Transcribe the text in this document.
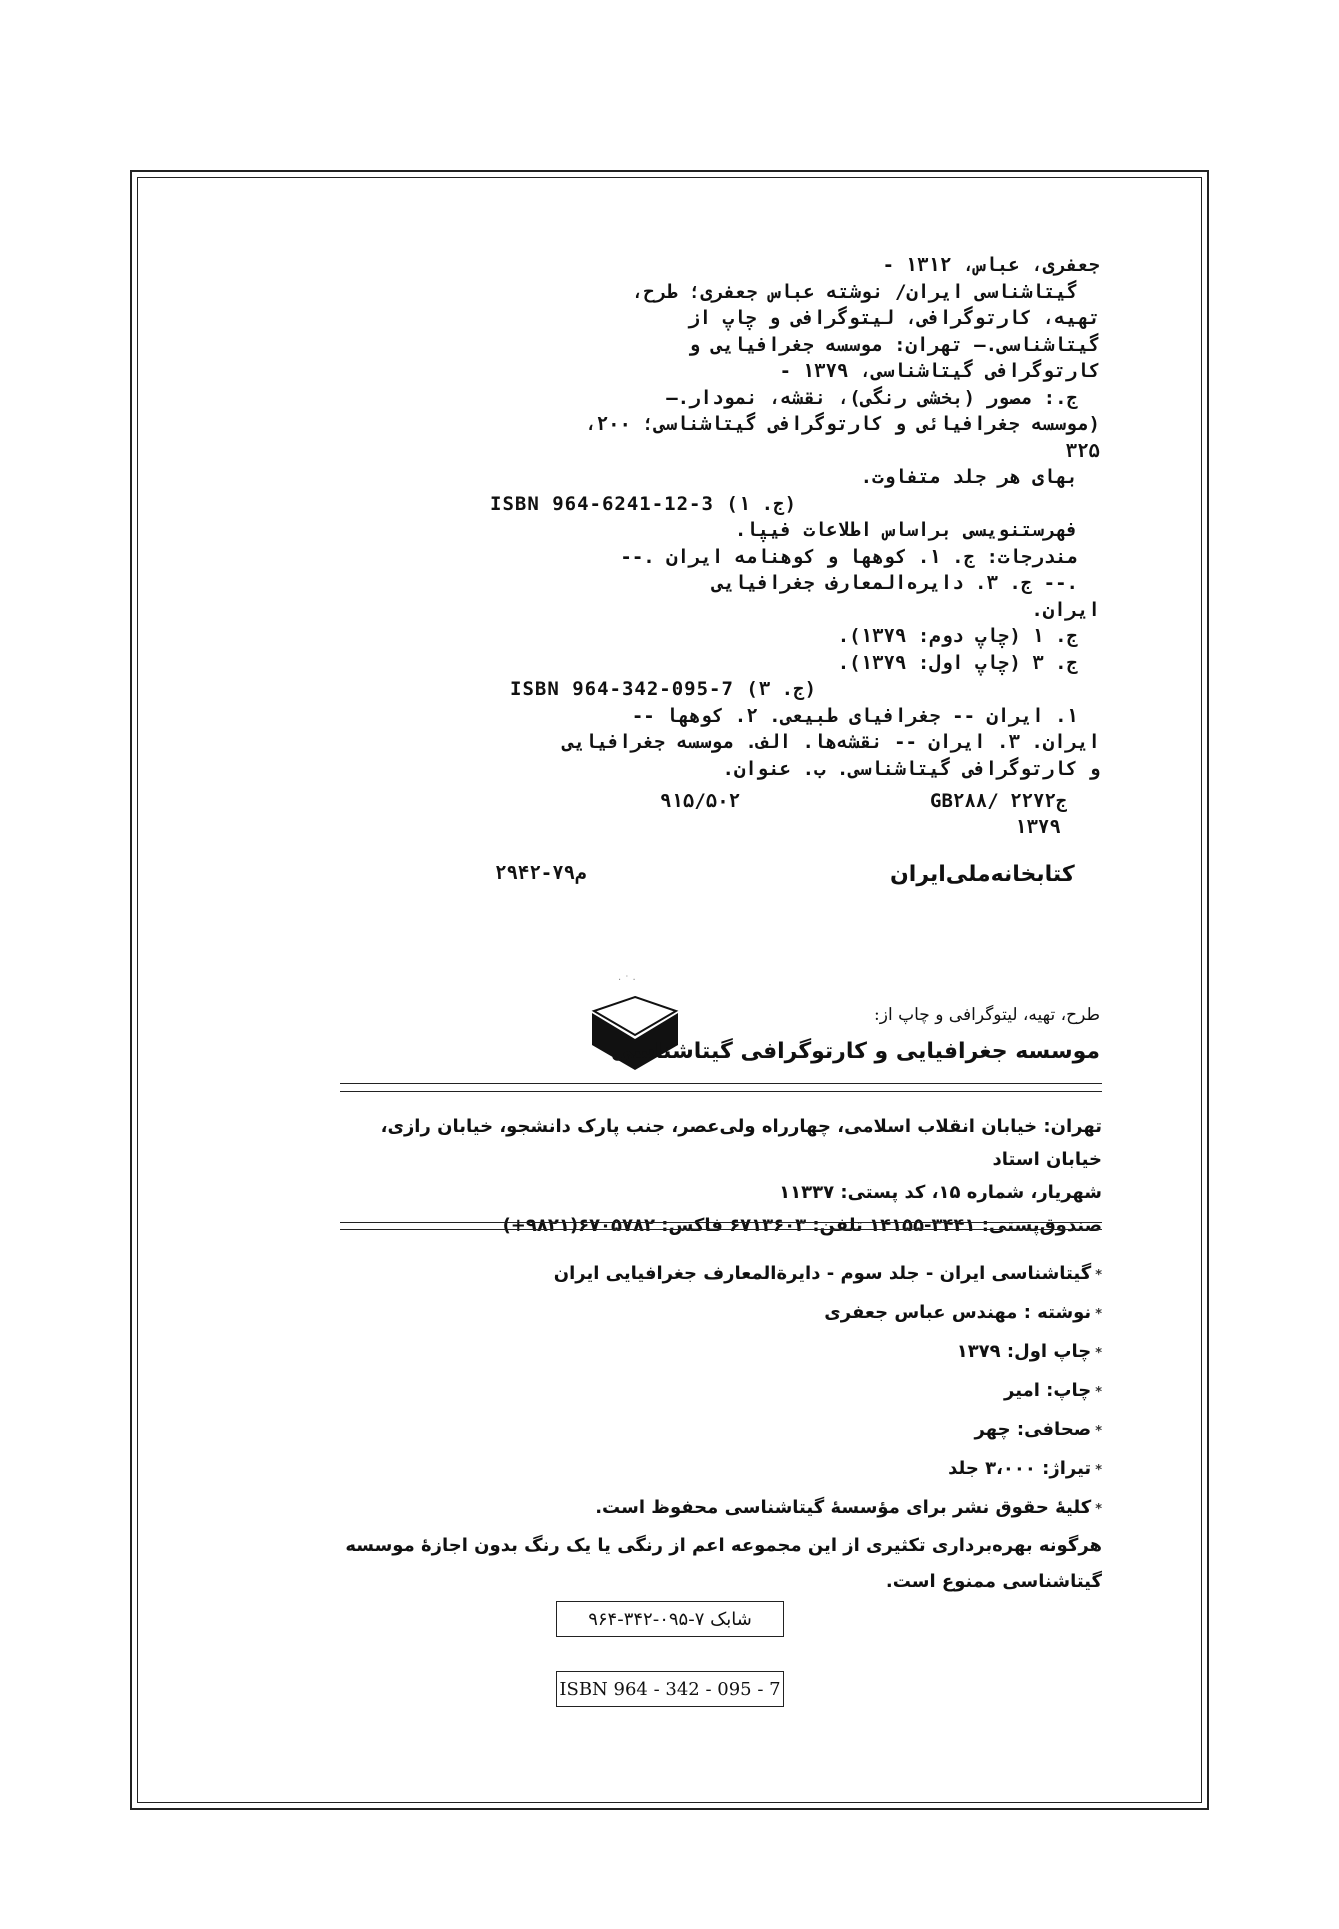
جعفری، عباس، ۱۳۱۲ -
گیتاشناسی ایران/ نوشته عباس جعفری؛ طرح،
تهیه، کارتوگرافی، لیتوگرافی و چاپ از
گیتاشناسی.— تهران: موسسه جغرافیایی و
کارتوگرافی گیتاشناسی، ۱۳۷۹ -
ج.: مصور (بخشی رنگی)، نقشه، نمودار.—
(موسسه جغرافیائی و کارتوگرافی گیتاشناسی؛ ۲۰۰،
۳۲۵
بهای هر جلد متفاوت.
ISBN 964-6241-12-3 (ج. ۱)
فهرستنویسی براساس اطلاعات فیپا.
مندرجات: ج. ۱. کوهها و کوهنامه ایران .--
.-- ج. ۳. دایره‌المعارف جغرافیایی
ایران.
ج. ۱ (چاپ دوم: ۱۳۷۹).
ج. ۳ (چاپ اول: ۱۳۷۹).
ISBN 964-342-095-7 (ج. ۳)
۱. ایران -- جغرافیای طبیعی. ۲. کوهها --
ایران. ۳. ایران -- نقشه‌ها. الف. موسسه جغرافیایی
و کارتوگرافی گیتاشناسی. ب. عنوان.
۹۱۵/۵۰۲	GB۲۸۸/ ۲۲ج۷۲
۱۳۷۹
کتابخانه‌ملی‌ایران
م۷۹-۲۹۴۲
· ˙ ·
طرح، تهیه، لیتوگرافی و چاپ از:
موسسه جغرافیایی و کارتوگرافی گیتاشناسی
تهران: خیابان انقلاب اسلامی، چهارراه ولی‌عصر، جنب پارک دانشجو، خیابان رازی، خیابان استاد
شهریار، شماره ۱۵، کد پستی: ۱۱۳۳۷
صندوق‌پستی: ۳۴۴۱-۱۴۱۵۵ تلفن: ۶۷۱۳۶۰۳ فاکس: ۶۷۰۵۷۸۲(۹۸۲۱+)
*گیتاشناسی ایران - جلد سوم - دایرةالمعارف جغرافیایی ایران
*نوشته : مهندس عباس جعفری
*چاپ اول: ۱۳۷۹
*چاپ: امیر
*صحافی: چهر
*تیراژ: ۳،۰۰۰ جلد
*کلیهٔ حقوق نشر برای مؤسسهٔ گیتاشناسی محفوظ است.
هرگونه بهره‌برداری تکثیری از این مجموعه اعم از رنگی یا یک رنگ بدون اجازهٔ موسسه گیتاشناسی ممنوع است.
شابک ۷-۰۹۵-۳۴۲-۹۶۴
ISBN 964 - 342 - 095 - 7
